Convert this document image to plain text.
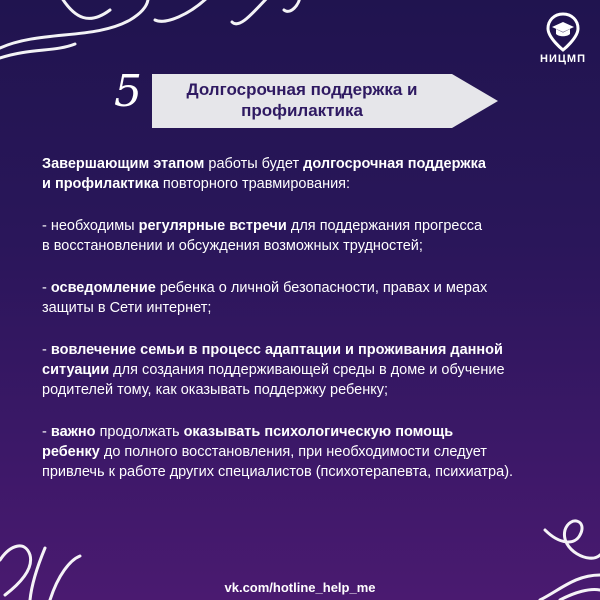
НИЦМП
5	Долгосрочная поддержка и
профилактика

Завершающим этапом работы будет долгосрочная поддержка
и профилактика повторного травмирования:

- необходимы регулярные встречи для поддержания прогресса
в восстановлении и обсуждения возможных трудностей;

- осведомление ребенка о личной безопасности, правах и мерах
защиты в Сети интернет;

- вовлечение семьи в процесс адаптации и проживания данной
ситуации для создания поддерживающей среды в доме и обучение
родителей тому, как оказывать поддержку ребенку;

- важно продолжать оказывать психологическую помощь
ребенку до полного восстановления, при необходимости следует
привлечь к работе других специалистов (психотерапевта, психиатра).

vk.com/hotline_help_me
